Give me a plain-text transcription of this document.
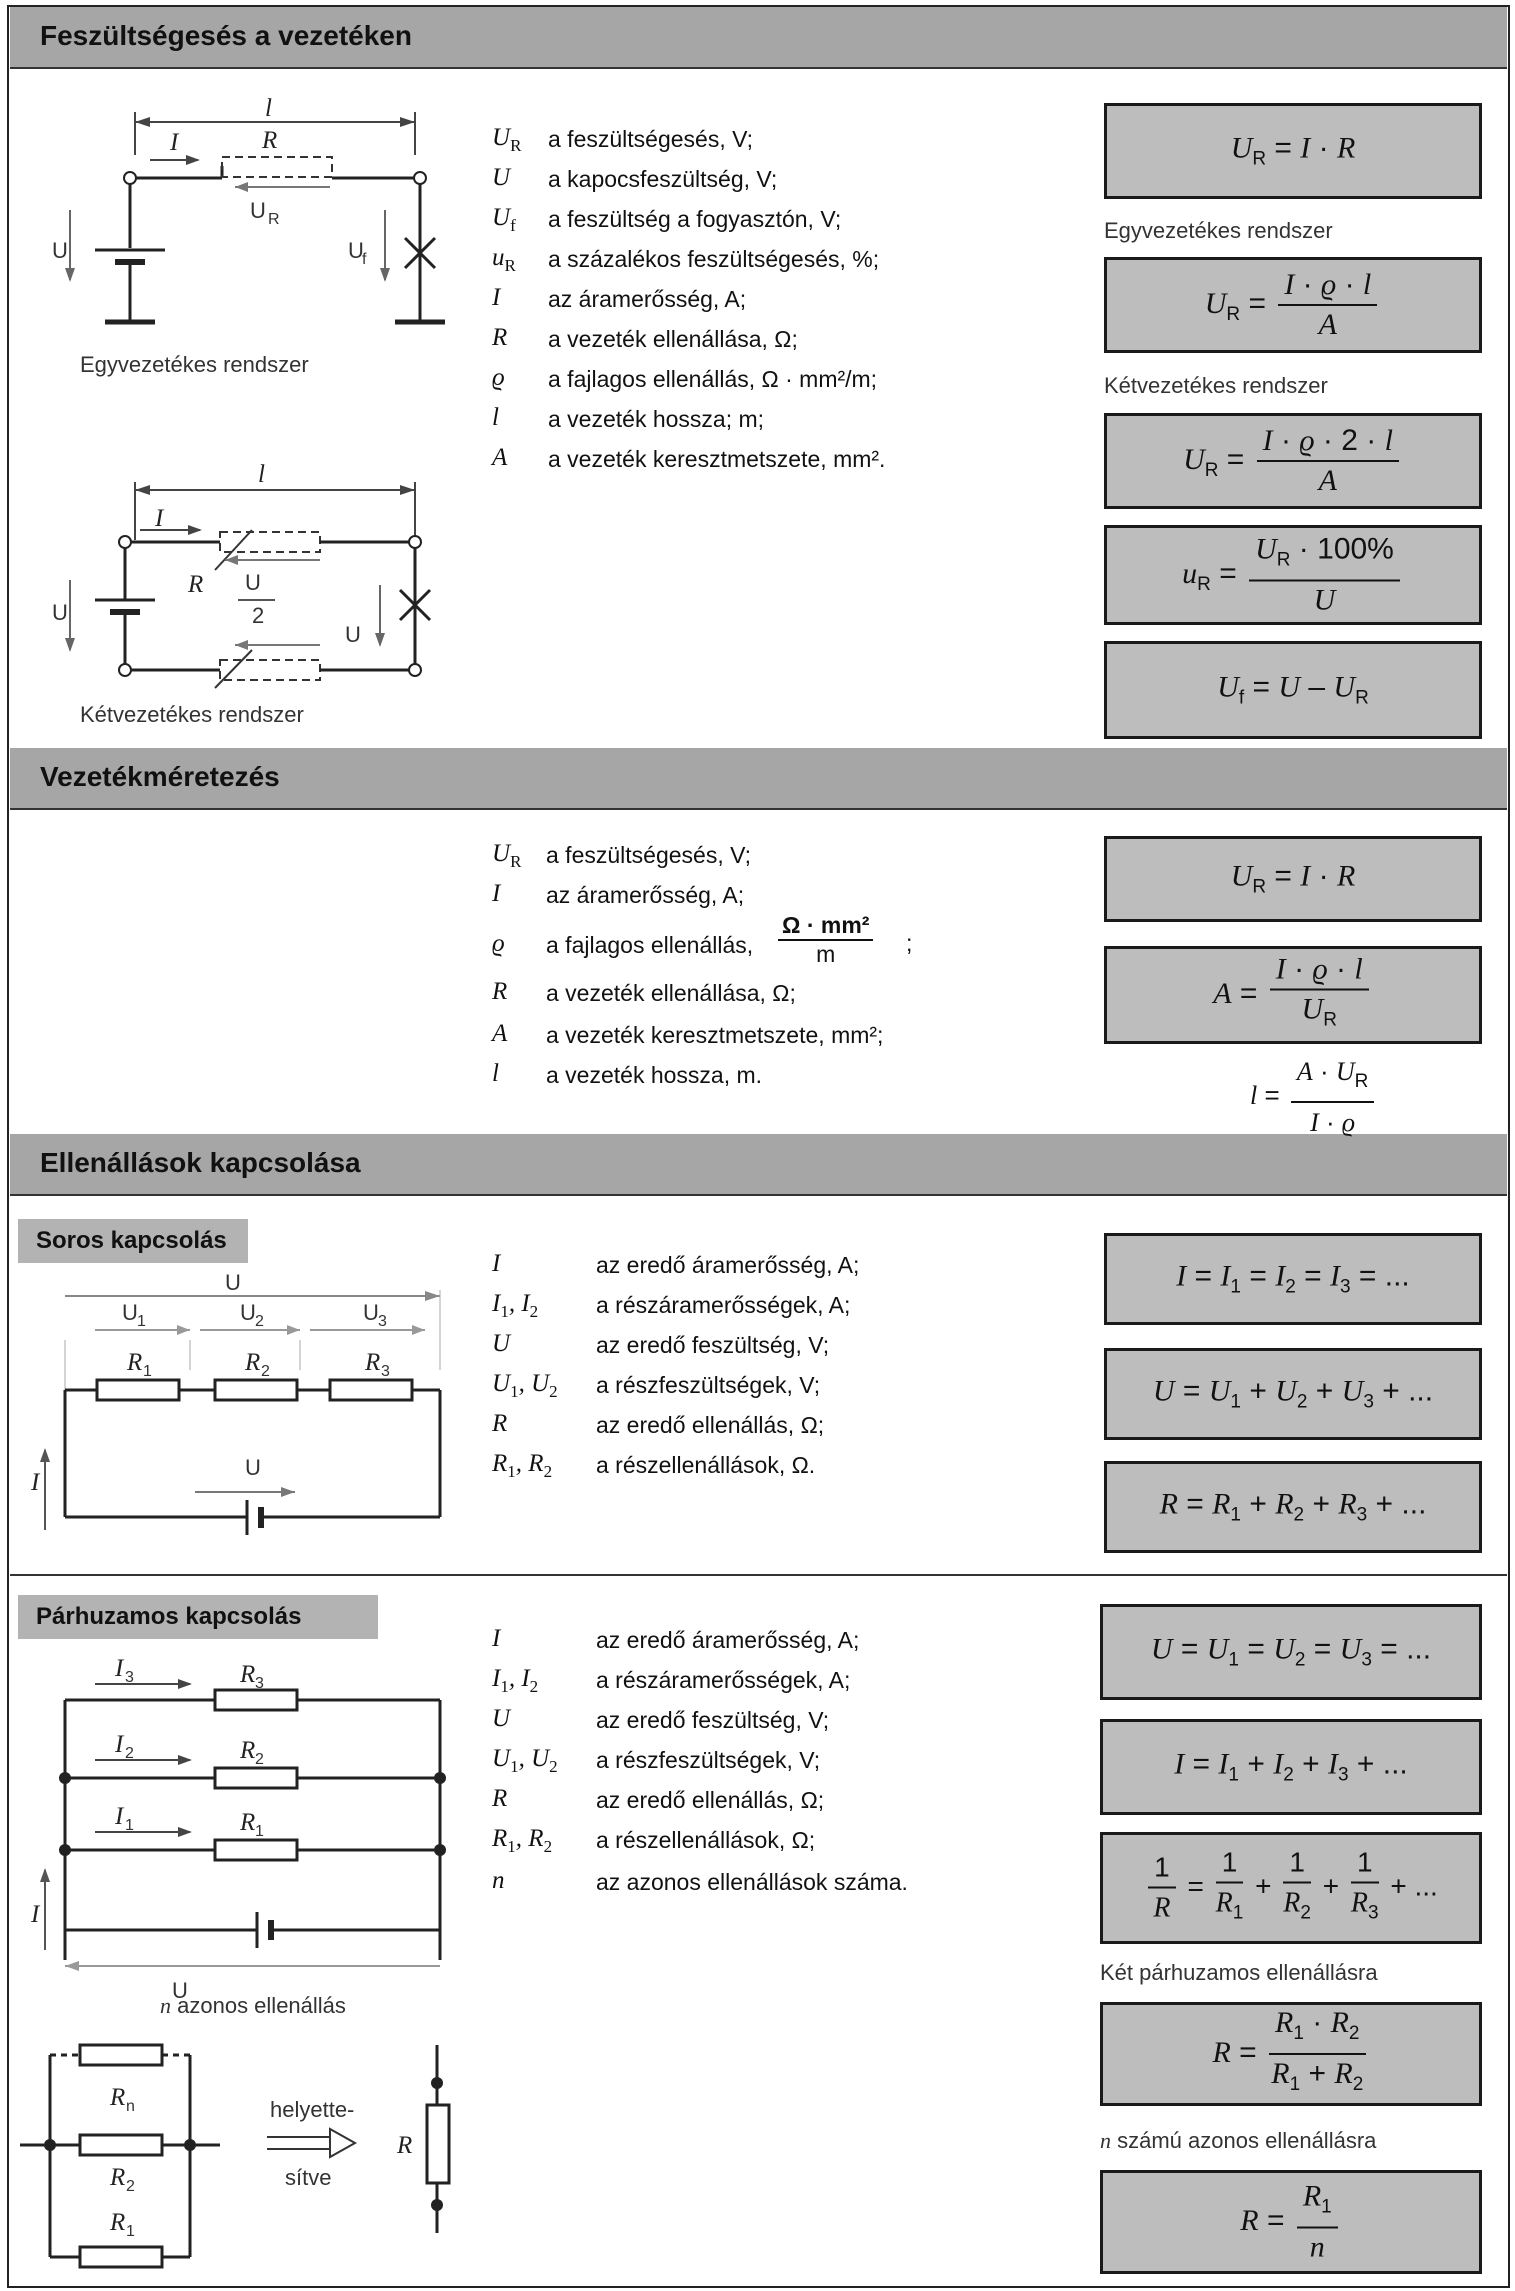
Feszültségesés a vezetéken
Vezetékméretezés
Ellenállások kapcsolása
Soros kapcsolás
Párhuzamos kapcsolás
l
R
I
U R
U	U
f
Egyvezetékes rendszer
l
I
R U
2
U
U
Kétvezetékes rendszer
$U_R$ a feszültségesés, V;
U a kapocsfeszültség, V;
$U_f$ a feszültség a fogyasztón, V;
$u_R$ a százalékos feszültségesés, %;
I az áramerősség, A;
R a vezeték ellenállása, Ω;
ϱ a fajlagos ellenállás, Ω · mm²/m;
l a vezeték hossza; m;
A a vezeték keresztmetszete, mm².
$U_R = I \cdot R$
Egyvezetékes rendszer
$U_R = \frac{I \cdot ϱ \cdot l}{A}$
Kétvezetékes rendszer
$U_R = \frac{I \cdot ϱ \cdot 2 \cdot l}{A}$
$u_R = \frac{U_R \cdot 100\%}{U}$
$U_f = U - U_R$
$U_R$ a feszültségesés, V;
I az áramerősség, A;
ϱ a fajlagos ellenállás,
Ω · mm²
m	;
R a vezeték ellenállása, Ω;
A a vezeték keresztmetszete, mm²;
l a vezeték hossza, m.
$U_R = I \cdot R$
$A = \frac{I \cdot ϱ \cdot l}{U_R}$
$l = \frac{A \cdot U_R}{I \cdot ϱ}$
U
U 1	U 2	U 3
R 1	R 2	R 3
U
I
I	az eredő áramerősség, A;
$I_1$, $I_2$	a részáramerősségek, A;
U	az eredő feszültség, V;
$U_1$, $U_2$ a részfeszültségek, V;
R	az eredő ellenállás, Ω;
$R_1$, $R_2$ a részellenállások, Ω.
$I = I_1 = I_2 = I_3$ = ...
$U = U_1 + U_2 + U_3$ + ...
$R = R_1 + R_2 + R_3$ + ...
R 3
I 3
R 2
I 2
R 1
I 1
I
U
n azonos ellenállás
R n
R 2
R 1
helyette-
sítve
R
I	az eredő áramerősség, A;
$I_1$, $I_2$	a részáramerősségek, A;
U	az eredő feszültség, V;
$U_1$, $U_2$ a részfeszültségek, V;
R	az eredő ellenállás, Ω;
$R_1$, $R_2$ a részellenállások, Ω;
n	az azonos ellenállások száma.
$U = U_1 = U_2 = U_3$ = ...
$I = I_1 + I_2 + I_3$ + ...
$\frac{1}{R} = \frac{1}{R_1} + \frac{1}{R_2} + \frac{1}{R_3}$ + ...
Két párhuzamos ellenállásra
$R = \frac{R_1 \cdot R_2}{R_1 + R_2}$
n számú azonos ellenállásra
$R = \frac{R_1}{n}$
